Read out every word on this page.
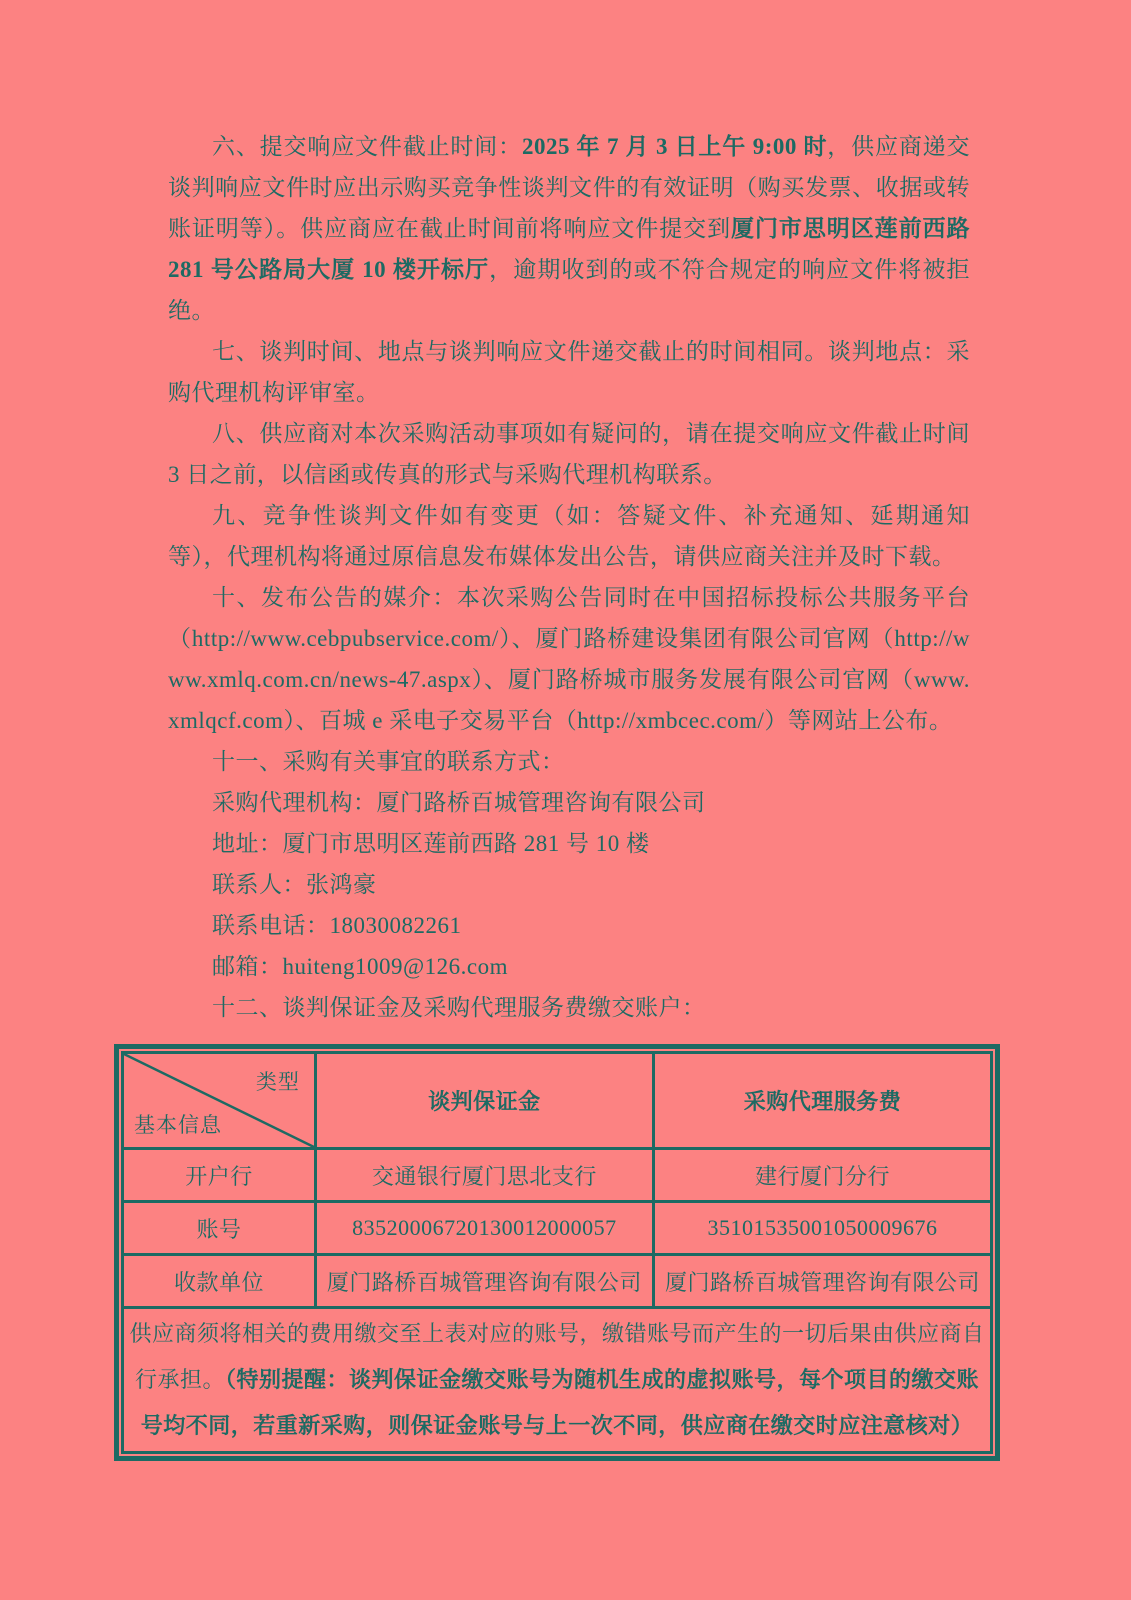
六、提交响应文件截止时间：2025 年 7 月 3 日上午 9:00 时，供应商递交谈判响应文件时应出示购买竞争性谈判文件的有效证明（购买发票、收据或转账证明等）。供应商应在截止时间前将响应文件提交到厦门市思明区莲前西路 281 号公路局大厦 10 楼开标厅，逾期收到的或不符合规定的响应文件将被拒绝。

七、谈判时间、地点与谈判响应文件递交截止的时间相同。谈判地点：采购代理机构评审室。

八、供应商对本次采购活动事项如有疑问的，请在提交响应文件截止时间 3 日之前，以信函或传真的形式与采购代理机构联系。

九、竞争性谈判文件如有变更（如：答疑文件、补充通知、延期通知等），代理机构将通过原信息发布媒体发出公告，请供应商关注并及时下载。

十、发布公告的媒介：本次采购公告同时在中国招标投标公共服务平台（http://www.cebpubservice.com/）、厦门路桥建设集团有限公司官网（http://www.xmlq.com.cn/news-47.aspx）、厦门路桥城市服务发展有限公司官网（www.xmlqcf.com）、百城 e 采电子交易平台（http://xmbcec.com/）等网站上公布。

十一、采购有关事宜的联系方式：

采购代理机构：厦门路桥百城管理咨询有限公司

地址：厦门市思明区莲前西路 281 号 10 楼

联系人：张鸿豪

联系电话：18030082261

邮箱：huiteng1009@126.com

十二、谈判保证金及采购代理服务费缴交账户：

类型
基本信息	谈判保证金	采购代理服务费
开户行	交通银行厦门思北支行	建行厦门分行
账号	83520006720130012000057	35101535001050009676
收款单位	厦门路桥百城管理咨询有限公司	厦门路桥百城管理咨询有限公司
供应商须将相关的费用缴交至上表对应的账号，缴错账号而产生的一切后果由供应商自行承担。（特别提醒：谈判保证金缴交账号为随机生成的虚拟账号，每个项目的缴交账号均不同，若重新采购，则保证金账号与上一次不同，供应商在缴交时应注意核对）		
